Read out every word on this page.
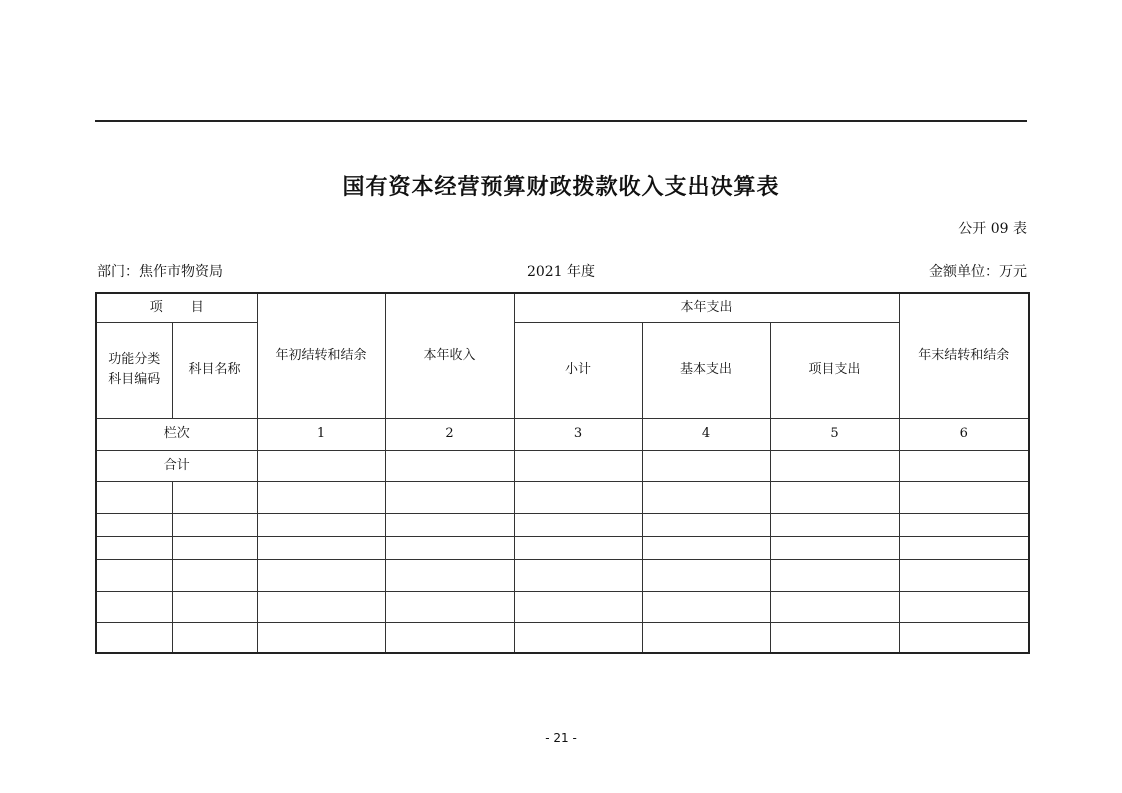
国有资本经营预算财政拨款收入支出决算表
公开 09 表
部门：焦作市物资局	2021 年度	金额单位：万元
项 目		年初结转和结余	本年收入	本年支出			年末结转和结余

功能分类
科目编码	科目名称			小计	基本支出	项目支出	
栏次		1	2	3	4	5	6
合计							

- 21 -
